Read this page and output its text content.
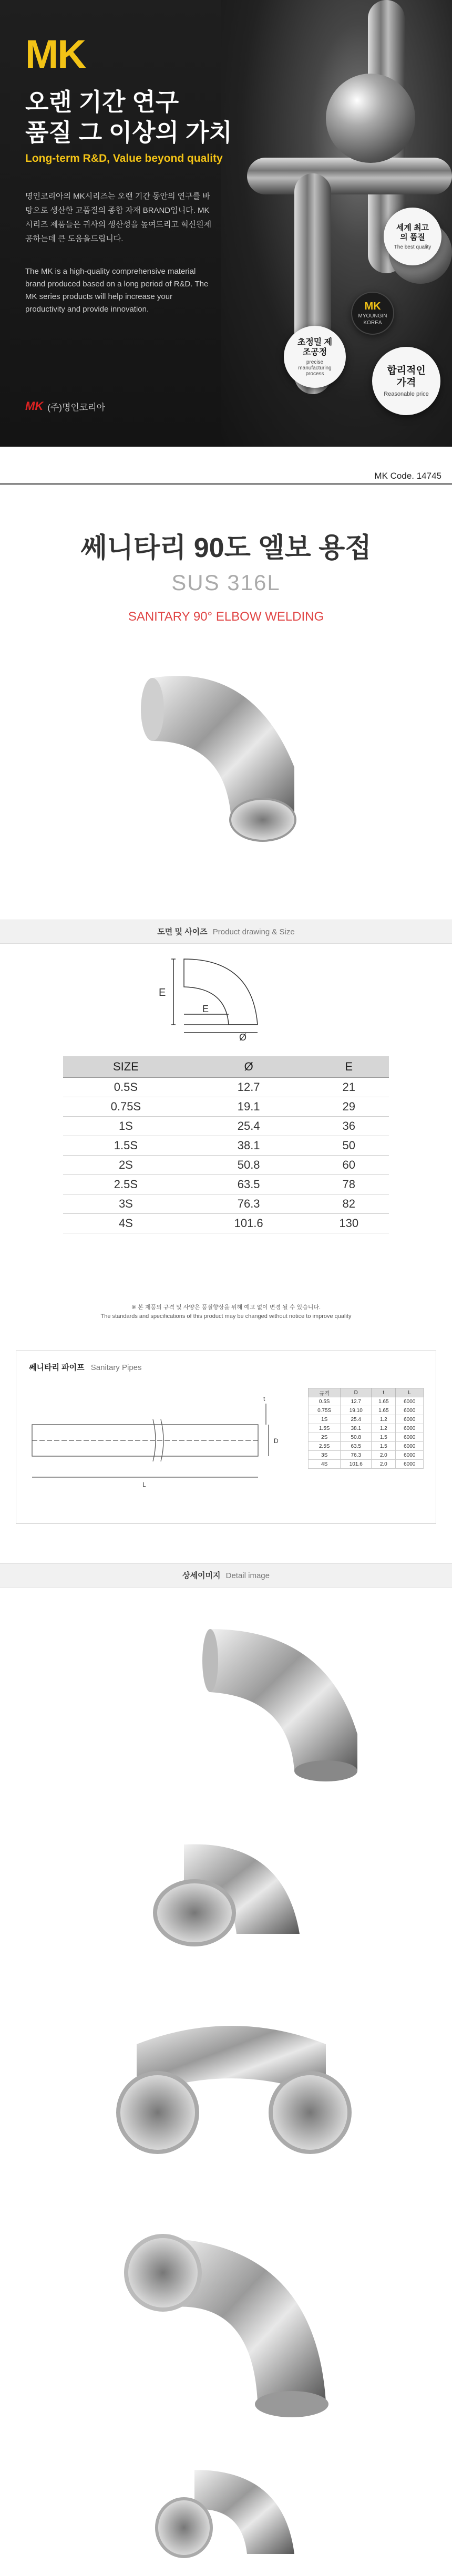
MK
오랜 기간 연구
품질 그 이상의 가치
Long-term R&D, Value beyond quality
명인코리아의 MK시리즈는 오랜 기간 동안의 연구를 바탕으로 생산한 고품질의 종합 자재 BRAND입니다. MK 시리즈 제품들은 귀사의 생산성을 높여드리고 혁신원제공하는데 큰 도움을드립니다.
The MK is a high-quality comprehensive material brand produced based on a long period of R&D. The MK series products will help increase your productivity and provide innovation.
세계 최고의 품질
The best quality
MK
MYOUNGIN
KOREA
초정밀 제조공정
precise manufacturing process	합리적인 가격
Reasonable price
MK (주)명인코리아
MK Code. 14745
쎄니타리 90도 엘보 용접
SUS 316L
SANITARY 90° ELBOW WELDING
도면 및 사이즈 Product drawing & Size
E
E
Ø
SIZE	Ø	E
0.5S	12.7	21
0.75S	19.1	29
1S	25.4	36
1.5S	38.1	50
2S	50.8	60
2.5S	63.5	78
3S	76.3	82
4S	101.6	130
※ 본 제품의 규격 및 사양은 품질향상을 위해 예고 없이 변경 될 수 있습니다.
The standards and specifications of this product may be changed without notice to improve quality
쎄니타리 파이프 Sanitary Pipes
t
D
L
규격	D	t	L
0.5S	12.7	1.65	6000
0.75S	19.10	1.65	6000
1S	25.4	1.2	6000
1.5S	38.1	1.2	6000
2S	50.8	1.5	6000
2.5S	63.5	1.5	6000
3S	76.3	2.0	6000
4S	101.6	2.0	6000
상세이미지 Detail image
